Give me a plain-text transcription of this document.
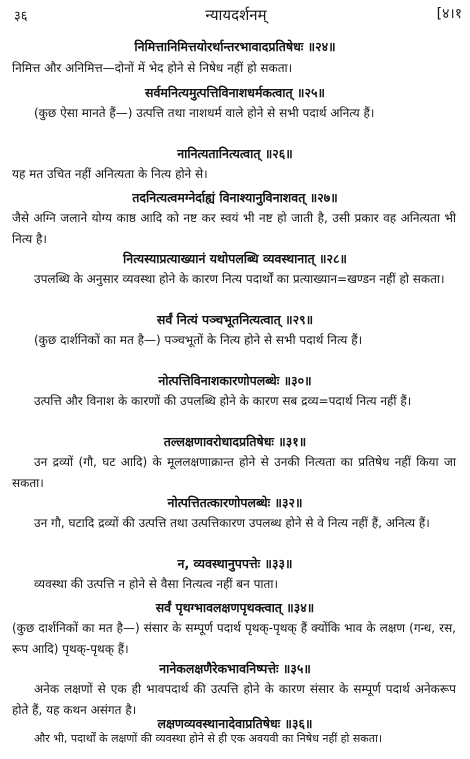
३६	न्यायदर्शनम्	[४।१
निमित्तानिमित्तयोरर्थान्तरभावादप्रतिषेधः ॥२४॥
निमित्त और अनिमित्त—दोनों में भेद होने से निषेध नहीं हो सकता।
सर्वमनित्यमुत्पत्तिविनाशधर्मकत्वात् ॥२५॥
(कुछ ऐसा मानते हैं—) उत्पत्ति तथा नाशधर्म वाले होने से सभी पदार्थ अनित्य हैं।
नानित्यतानित्यत्वात् ॥२६॥
यह मत उचित नहीं अनित्यता के नित्य होने से।
तदनित्यत्वमग्नेर्दाह्यं विनाश्यानुविनाशवत् ॥२७॥
जैसे अग्नि जलाने योग्य काष्ठ आदि को नष्ट कर स्वयं भी नष्ट हो जाती है, उसी प्रकार वह अनित्यता भी नित्य है।
नित्यस्याप्रत्याख्यानं यथोपलब्धि व्यवस्थानात् ॥२८॥
उपलब्धि के अनुसार व्यवस्था होने के कारण नित्य पदार्थों का प्रत्याख्यान=खण्डन नहीं हो सकता।
सर्वं नित्यं पञ्चभूतनित्यत्वात् ॥२९॥
(कुछ दार्शनिकों का मत है—) पञ्चभूतों के नित्य होने से सभी पदार्थ नित्य हैं।
नोत्पत्तिविनाशकारणोपलब्धेः ॥३०॥
उत्पत्ति और विनाश के कारणों की उपलब्धि होने के कारण सब द्रव्य=पदार्थ नित्य नहीं हैं।
तल्लक्षणावरोधादप्रतिषेधः ॥३१॥
उन द्रव्यों (गौ, घट आदि) के मूललक्षणाक्रान्त होने से उनकी नित्यता का प्रतिषेध नहीं किया जा सकता।
नोत्पत्तितत्कारणोपलब्धेः ॥३२॥
उन गौ, घटादि द्रव्यों की उत्पत्ति तथा उत्पत्तिकारण उपलब्ध होने से वे नित्य नहीं हैं, अनित्य हैं।
न, व्यवस्थानुपपत्तेः ॥३३॥
व्यवस्था की उत्पत्ति न होने से वैसा नित्यत्व नहीं बन पाता।
सर्वं पृथग्भावलक्षणपृथक्त्वात् ॥३४॥
(कुछ दार्शनिकों का मत है—) संसार के सम्पूर्ण पदार्थ पृथक्-पृथक् हैं क्योंकि भाव के लक्षण (गन्ध, रस, रूप आदि) पृथक्-पृथक् हैं।
नानेकलक्षणैरेकभावनिष्पत्तेः ॥३५॥
अनेक लक्षणों से एक ही भावपदार्थ की उत्पत्ति होने के कारण संसार के सम्पूर्ण पदार्थ अनेकरूप होते हैं, यह कथन असंगत है।
लक्षणव्यवस्थानादेवाप्रतिषेधः ॥३६॥
और भी, पदार्थों के लक्षणों की व्यवस्था होने से ही एक अवयवी का निषेध नहीं हो सकता।
